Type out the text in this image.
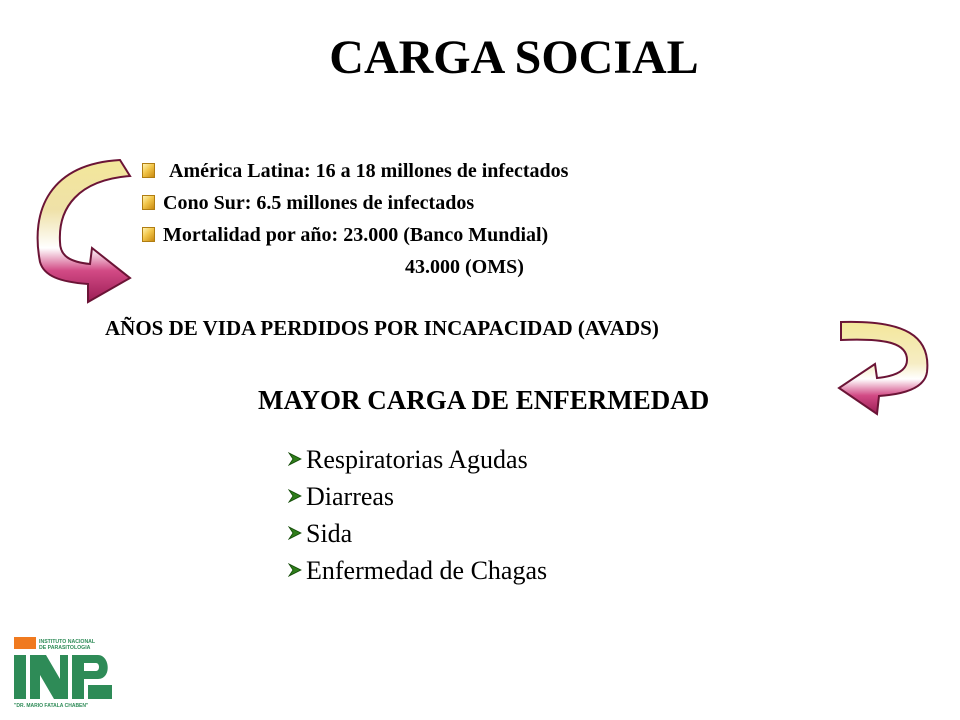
CARGA SOCIAL
América Latina: 16 a 18 millones de infectados
Cono Sur: 6.5 millones de infectados
Mortalidad por año: 23.000 (Banco Mundial)
43.000 (OMS)
AÑOS DE VIDA PERDIDOS POR INCAPACIDAD (AVADS)
MAYOR CARGA DE ENFERMEDAD
Respiratorias Agudas
Diarreas
Sida
Enfermedad de Chagas
INSTITUTO NACIONAL
DE PARASITOLOGIA
"DR. MARIO FATALA CHABEN"
